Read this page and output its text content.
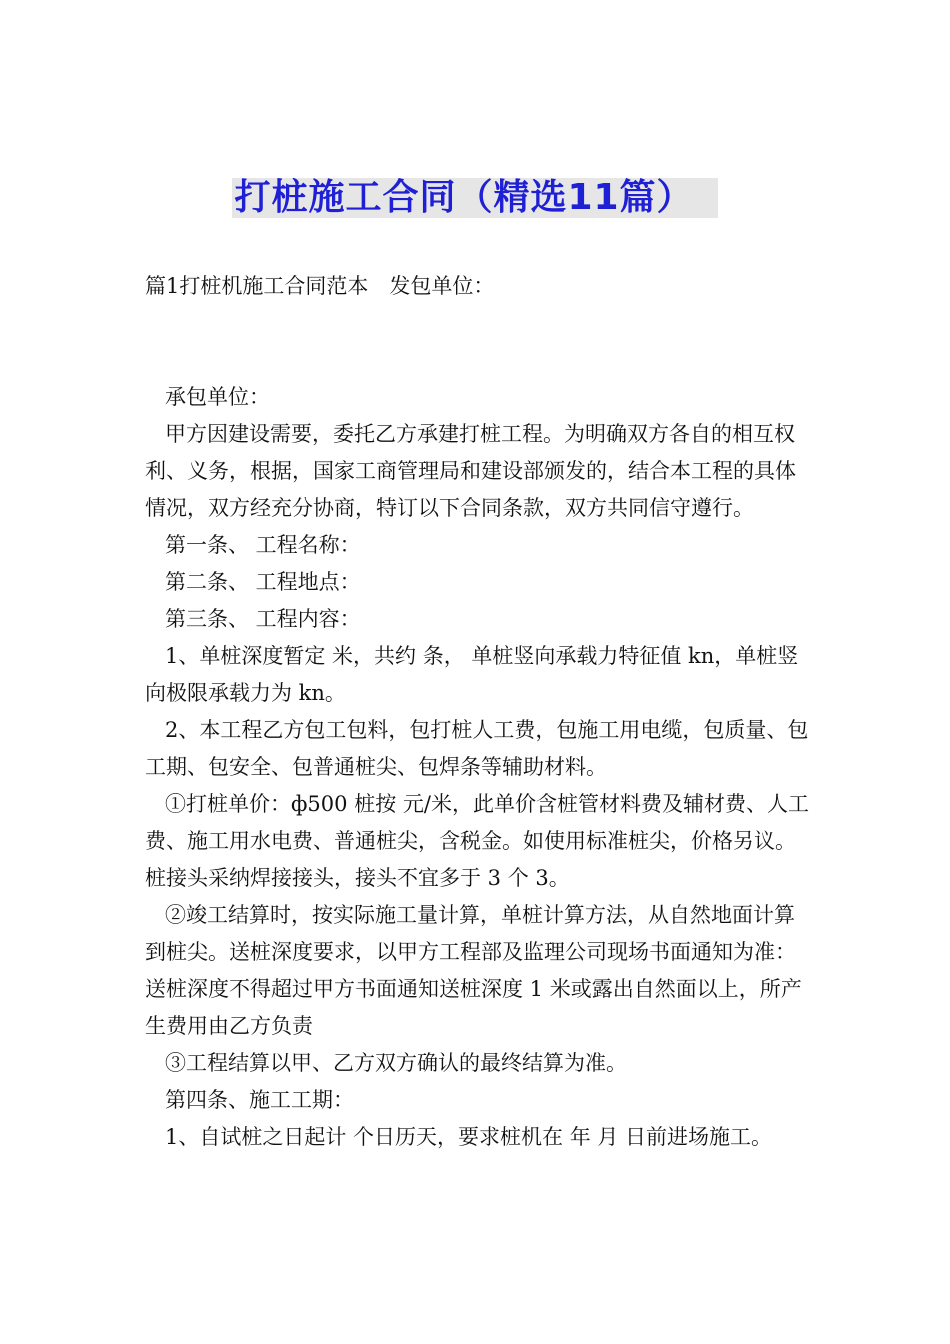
打桩施工合同（精选11篇）

篇1打桩机施工合同范本　发包单位：

承包单位：

甲方因建设需要，委托乙方承建打桩工程。为明确双方各自的相互权利、义务，根据，国家工商管理局和建设部颁发的，结合本工程的具体情况，双方经充分协商，特订以下合同条款，双方共同信守遵行。

第一条、 工程名称：

第二条、 工程地点：

第三条、 工程内容：

1、单桩深度暂定 米，共约 条， 单桩竖向承载力特征值 kn，单桩竖向极限承载力为 kn。

2、本工程乙方包工包料，包打桩人工费，包施工用电缆，包质量、包工期、包安全、包普通桩尖、包焊条等辅助材料。

①打桩单价：ф500 桩按 元/米，此单价含桩管材料费及辅材费、人工费、施工用水电费、普通桩尖，含税金。如使用标准桩尖，价格另议。桩接头采纳焊接接头，接头不宜多于 3 个 3。

②竣工结算时，按实际施工量计算，单桩计算方法，从自然地面计算到桩尖。送桩深度要求，以甲方工程部及监理公司现场书面通知为准：送桩深度不得超过甲方书面通知送桩深度 1 米或露出自然面以上，所产生费用由乙方负责

③工程结算以甲、乙方双方确认的最终结算为准。

第四条、施工工期：

1、自试桩之日起计 个日历天，要求桩机在 年 月 日前进场施工。
